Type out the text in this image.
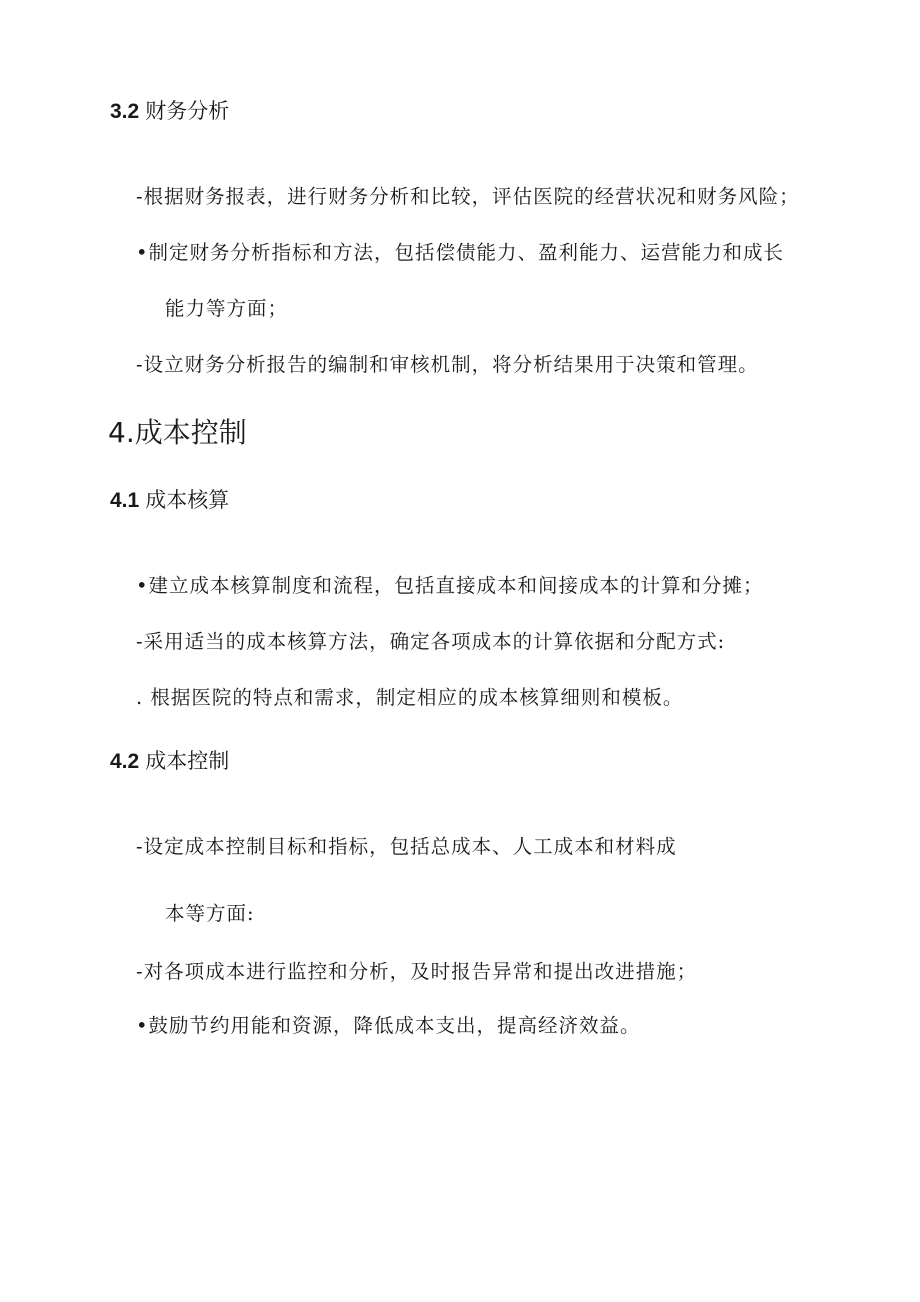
3.2 财务分析
-根据财务报表，进行财务分析和比较，评估医院的经营状况和财务风险；
•制定财务分析指标和方法，包括偿债能力、盈利能力、运营能力和成长
能力等方面；
-设立财务分析报告的编制和审核机制，将分析结果用于决策和管理。
4.成本控制
4.1 成本核算
•建立成本核算制度和流程，包括直接成本和间接成本的计算和分摊；
-采用适当的成本核算方法，确定各项成本的计算依据和分配方式:
. 根据医院的特点和需求，制定相应的成本核算细则和模板。
4.2 成本控制
-设定成本控制目标和指标，包括总成本、人工成本和材料成
本等方面:
-对各项成本进行监控和分析，及时报告异常和提出改进措施；
•鼓励节约用能和资源，降低成本支出，提高经济效益。
